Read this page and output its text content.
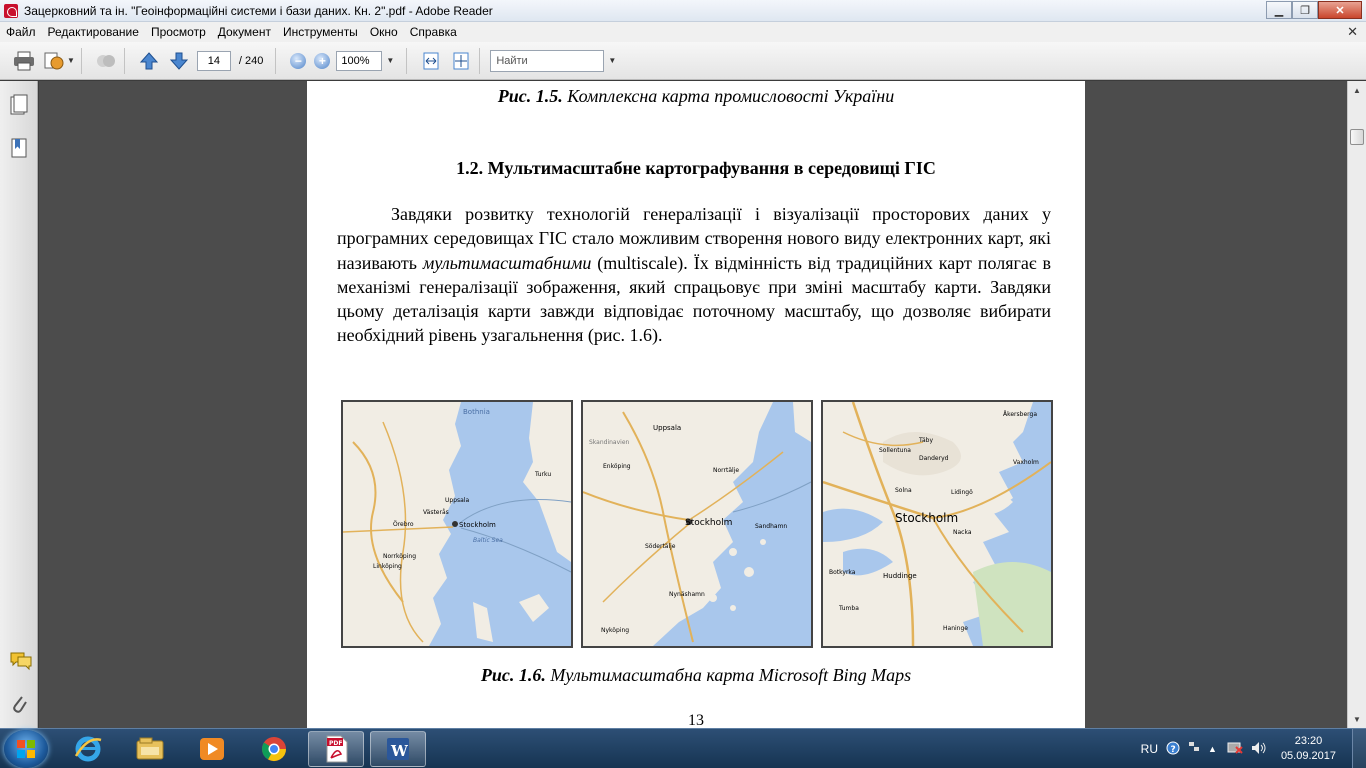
Зацерковний та ін. "Геоінформаційні системи і бази даних. Кн. 2".pdf - Adobe Reader	▁	❐	✕
Файл	Редактирование	Просмотр	Документ	Инструменты	Окно	Справка	✕
▼	14	/ 240	−	+	100%	▼	Найти	▼
Рис. 1.5. Комплексна карта промисловості України
1.2. Мультимасштабне картографування в середовищі ГІС
Завдяки розвитку технологій генералізації і візуалізації просторових даних у програмних середовищах ГІС стало можливим створення нового виду електронних карт, які називають мультимасштабними (multiscale). Їх відмінність від традиційних карт полягає в механізмі генералізації зображення, який спрацьовує при зміні масштабу карти. Завдяки цьому деталізація карти завжди відповідає поточному масштабу, що дозволяє вибирати необхідний рівень узагальнення (рис. 1.6).
Stockholm
Bothnia
Baltic Sea
Turku
Örebro
Uppsala
Norrköping
Linköping
Västerås
Stockholm
Uppsala
Norrtälje
Enköping
Södertälje
Nynäshamn
Sandhamn
Skandinavien
Nyköping
Stockholm
Åkersberga
Täby
Sollentuna
Danderyd
Solna	Lidingö
Nacka
Huddinge
Botkyrka
Tumba
Haninge
Vaxholm
Рис. 1.6. Мультимасштабна карта Microsoft Bing Maps
13
▲
▼
PDF	W	RU ?	▲
23:20
05.09.2017
